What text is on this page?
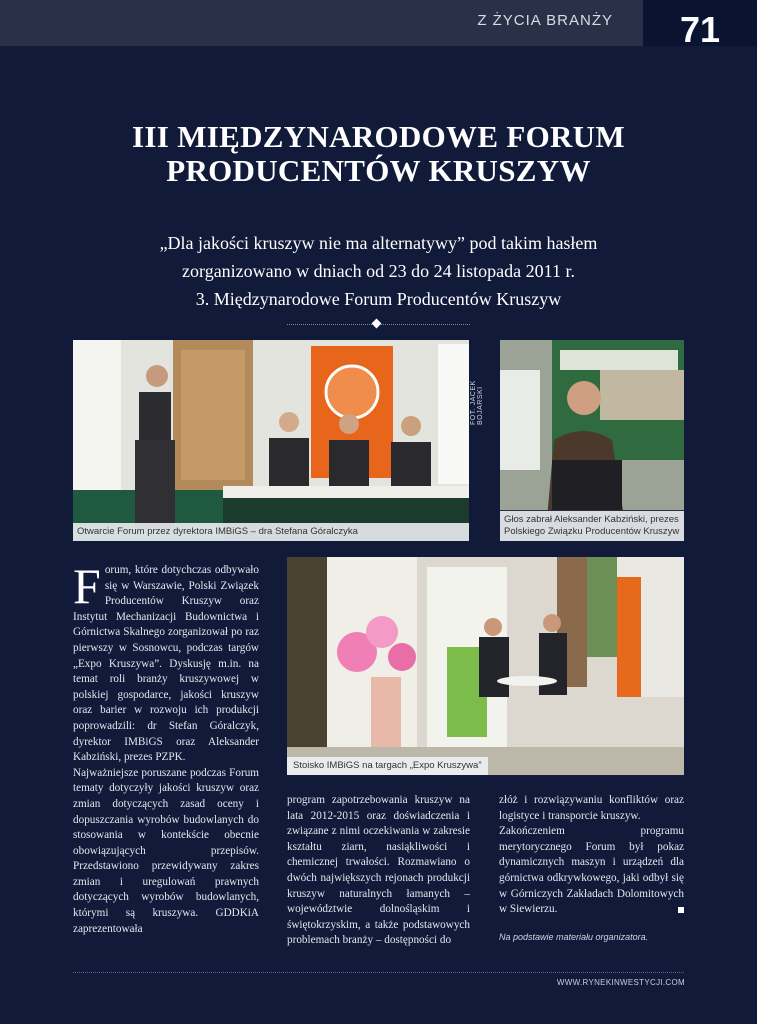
Z ŻYCIA BRANŻY	71
III MIĘDZYNARODOWE FORUM
PRODUCENTÓW KRUSZYW
„Dla jakości kruszyw nie ma alternatywy” pod takim hasłem
zorganizowano w dniach od 23 do 24 listopada 2011 r.
3. Międzynarodowe Forum Producentów Kruszyw
Otwarcie Forum przez dyrektora IMBiGS – dra Stefana Góralczyka
FOT. JACEK BOJARSKI
Głos zabrał Aleksander Kabziński, prezes Polskiego Związku Producentów Kruszyw
Stoisko IMBiGS na targach „Expo Kruszywa”

Forum, które dotychczas odbywało się w Warszawie, Polski Związek Producentów Kruszyw oraz Instytut Mechanizacji Budownictwa i Górnictwa Skalnego zorganizował po raz pierwszy w Sosnowcu, podczas targów „Expo Kruszywa”. Dyskusję m.in. na temat roli branży kruszywowej w polskiej gospodarce, jakości kruszyw oraz barier w rozwoju ich produkcji poprowadzili: dr Stefan Góralczyk, dyrektor IMBiGS oraz Aleksander Kabziński, prezes PZPK.

Najważniejsze poruszane podczas Forum tematy dotyczyły jakości kruszyw oraz zmian dotyczących zasad oceny i dopuszczania wyrobów budowlanych do stosowania w kontekście obecnie obowiązujących przepisów. Przedstawiono przewidywany zakres zmian i uregulowań prawnych dotyczących wyrobów budowlanych, którymi są kruszywa. GDDKiA zaprezentowała

program zapotrzebowania kruszyw na lata 2012-2015 oraz doświadczenia i związane z nimi oczekiwania w zakresie kształtu ziarn, nasiąkliwości i chemicznej trwałości. Rozmawiano o dwóch największych rejonach produkcji kruszyw naturalnych łamanych – województwie dolnośląskim i świętokrzyskim, a także podstawowych problemach branży – dostępności do

złóż i rozwiązywaniu konfliktów oraz logistyce i transporcie kruszyw.

Zakończeniem programu merytorycznego Forum był pokaz dynamicznych maszyn i urządzeń dla górnictwa odkrywkowego, jaki odbył się w Górniczych Zakładach Dolomitowych w Siewierzu.

Na podstawie materiału organizatora.
WWW.RYNEKINWESTYCJI.COM
